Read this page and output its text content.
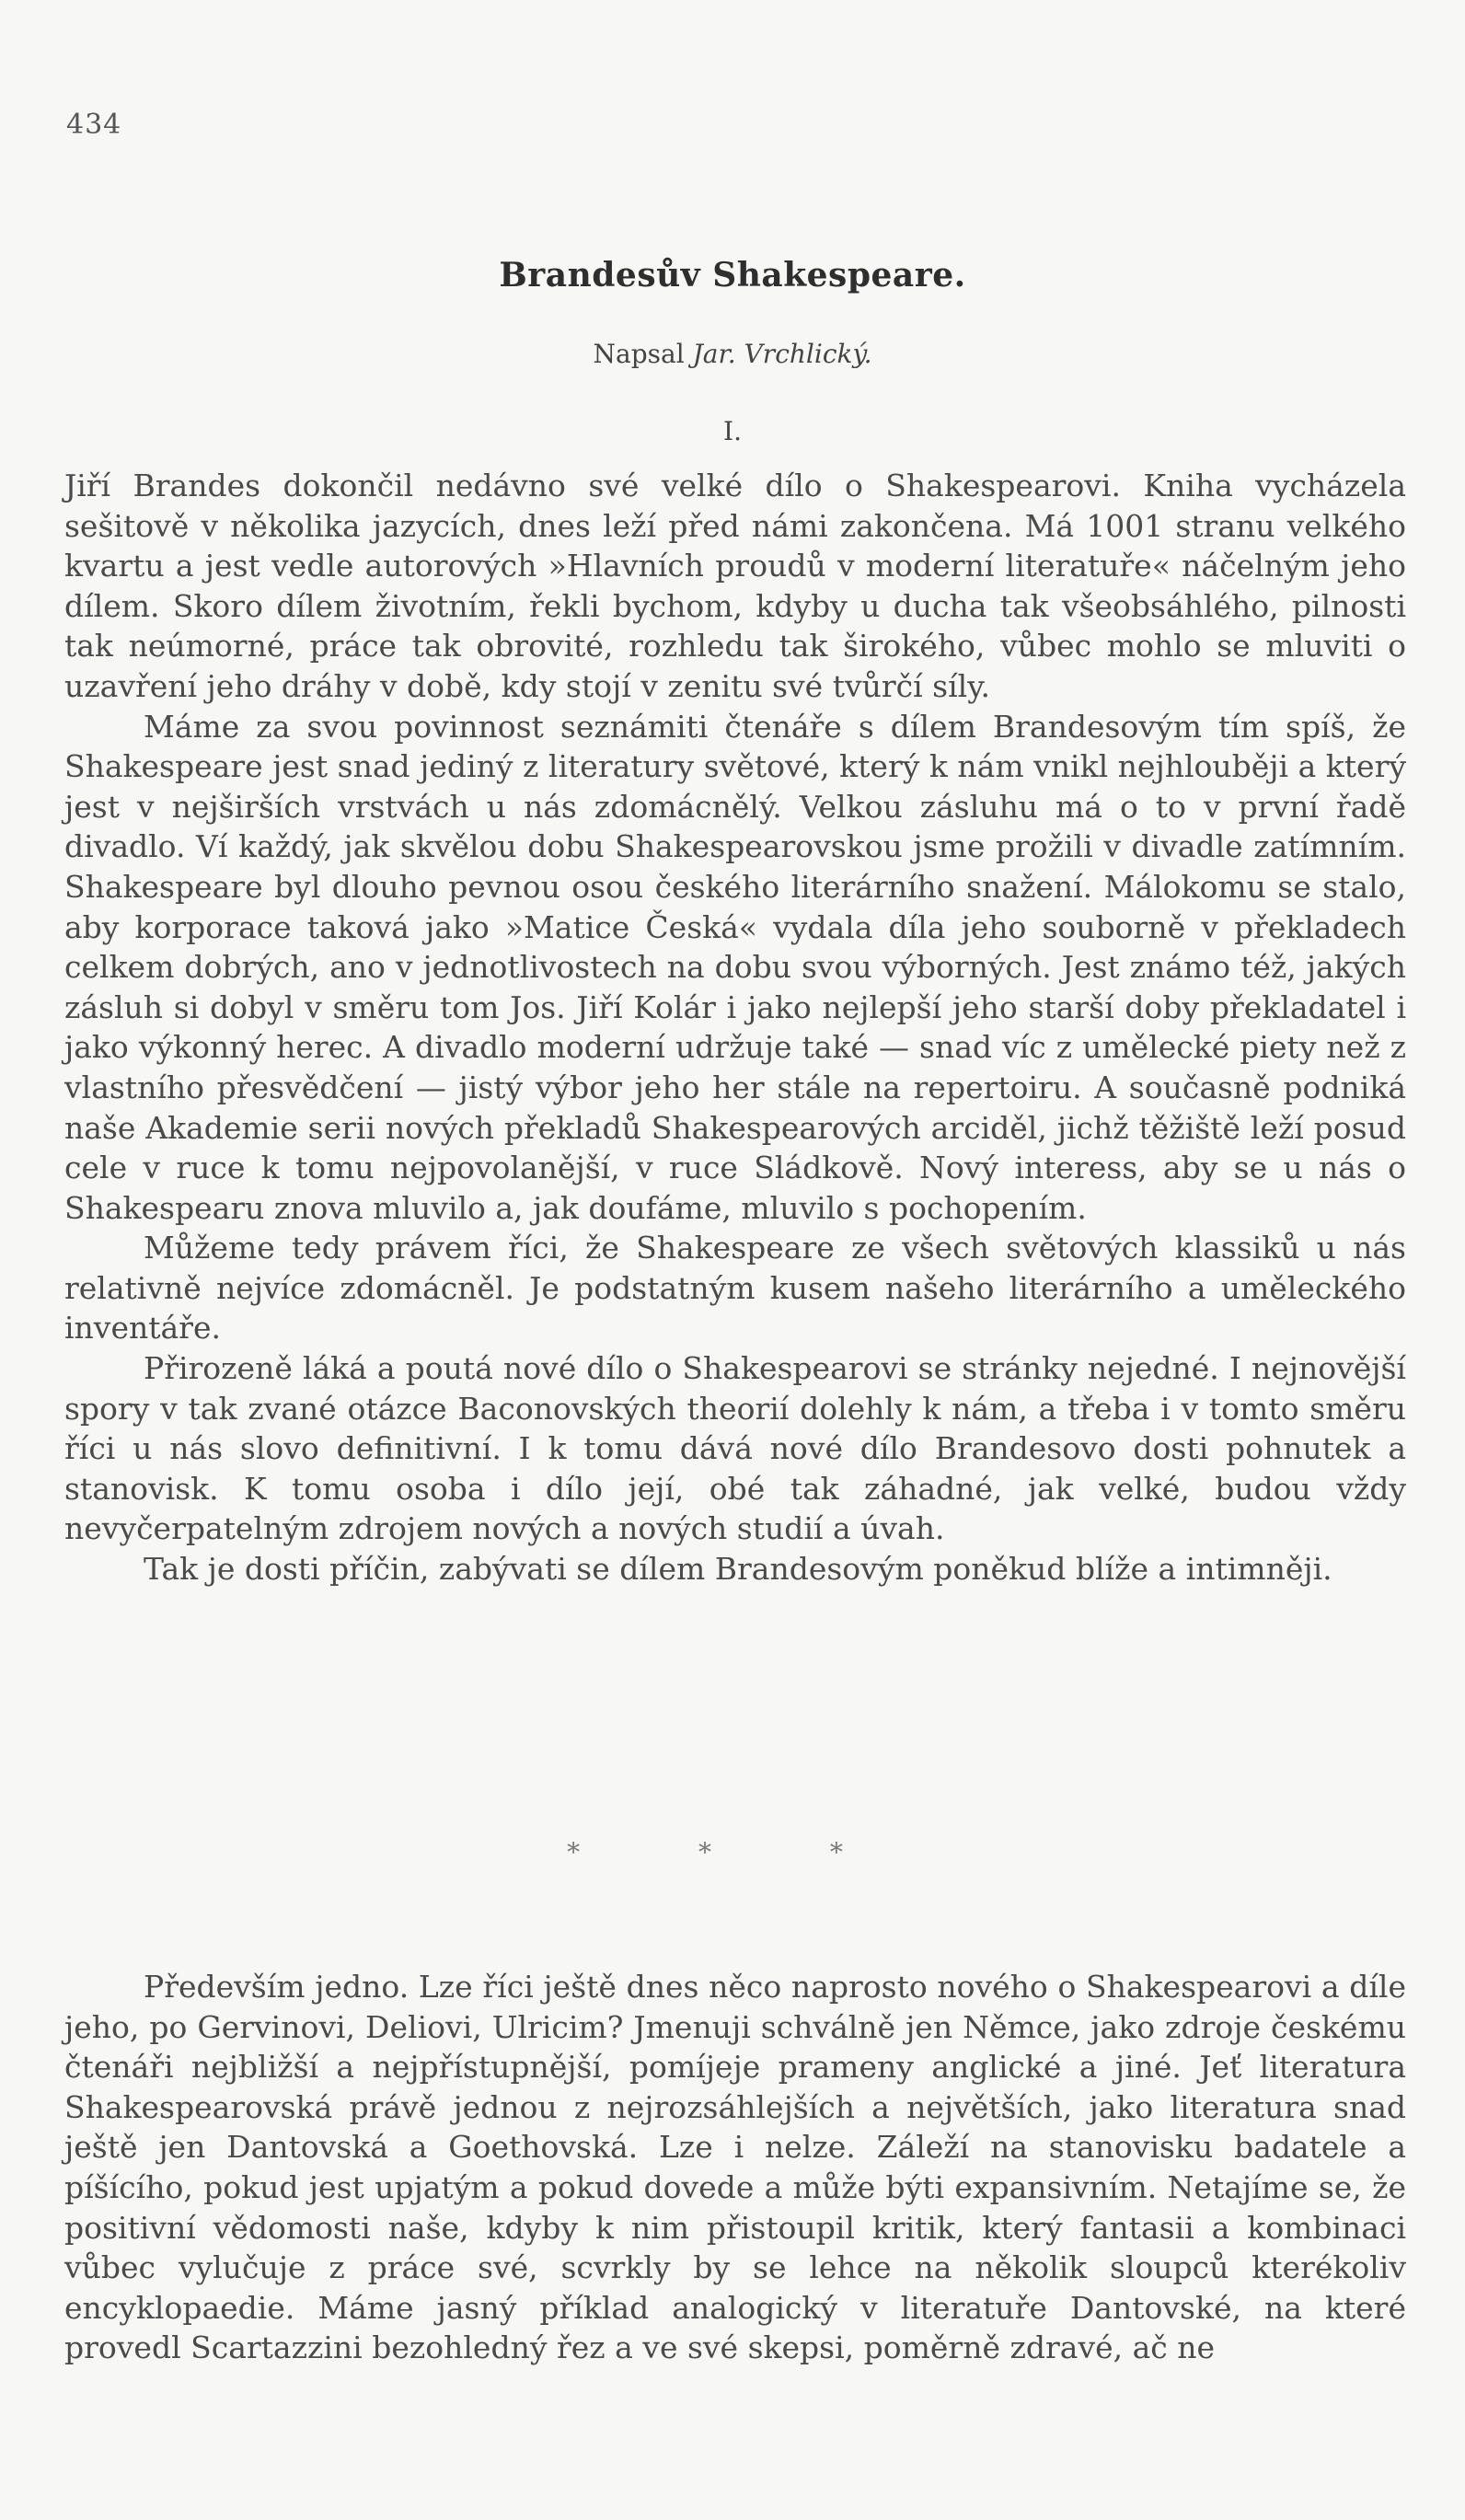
434
Brandesův Shakespeare.
Napsal Jar. Vrchlický.
I.

Jiří Brandes dokončil nedávno své velké dílo o Shakespearovi. Kniha vycházela sešitově v několika jazycích, dnes leží před námi zakončena. Má 1001 stranu velkého kvartu a jest vedle autorových »Hlavních proudů v moderní literatuře« náčelným jeho dílem. Skoro dílem životním, řekli bychom, kdyby u ducha tak všeobsáhlého, pilnosti tak neúmorné, práce tak obrovité, rozhledu tak širokého, vůbec mohlo se mluviti o uzavření jeho dráhy v době, kdy stojí v zenitu své tvůrčí síly.

Máme za svou povinnost seznámiti čtenáře s dílem Brandesovým tím spíš, že Shakespeare jest snad jediný z literatury světové, který k nám vnikl nejhlouběji a který jest v nejširších vrstvách u nás zdomácnělý. Velkou zásluhu má o to v první řadě divadlo. Ví každý, jak skvělou dobu Shakespearovskou jsme prožili v divadle zatímním. Shakespeare byl dlouho pevnou osou českého literárního snažení. Málokomu se stalo, aby korporace taková jako »Matice Česká« vydala díla jeho souborně v překladech celkem dobrých, ano v jednotlivostech na dobu svou výborných. Jest známo též, jakých zásluh si dobyl v směru tom Jos. Jiří Kolár i jako nejlepší jeho starší doby překladatel i jako výkonný herec. A divadlo moderní udržuje také — snad víc z umělecké piety než z vlastního přesvědčení — jistý výbor jeho her stále na repertoiru. A současně podniká naše Akademie serii nových překladů Shakespearových arciděl, jichž těžiště leží posud cele v ruce k tomu nejpovolanější, v ruce Sládkově. Nový interess, aby se u nás o Shakespearu znova mluvilo a, jak doufáme, mluvilo s pochopením.

Můžeme tedy právem říci, že Shakespeare ze všech světových klassiků u nás relativně nejvíce zdomácněl. Je podstatným kusem našeho literárního a uměleckého inventáře.

Přirozeně láká a poutá nové dílo o Shakespearovi se stránky nejedné. I nejnovější spory v tak zvané otázce Baconovských theorií dolehly k nám, a třeba i v tomto směru říci u nás slovo definitivní. I k tomu dává nové dílo Brandesovo dosti pohnutek a stanovisk. K tomu osoba i dílo její, obé tak záhadné, jak velké, budou vždy nevyčerpatelným zdrojem nových a nových studií a úvah.

Tak je dosti příčin, zabývati se dílem Brandesovým poněkud blíže a intimněji.

* * *

Především jedno. Lze říci ještě dnes něco naprosto nového o Shakespearovi a díle jeho, po Gervinovi, Deliovi, Ulricim? Jmenuji schválně jen Němce, jako zdroje českému čtenáři nejbližší a nejpřístupnější, pomíjeje prameny anglické a jiné. Jeť literatura Shakespearovská právě jednou z nejrozsáhlejších a největších, jako literatura snad ještě jen Dantovská a Goethovská. Lze i nelze. Záleží na stanovisku badatele a píšícího, pokud jest upjatým a pokud dovede a může býti expansivním. Netajíme se, že positivní vědomosti naše, kdyby k nim přistoupil kritik, který fantasii a kombinaci vůbec vylučuje z práce své, scvrkly by se lehce na několik sloupců kterékoliv encyklopaedie. Máme jasný příklad analogický v literatuře Dantovské, na které provedl Scartazzini bezohledný řez a ve své skepsi, poměrně zdravé, ač ne
